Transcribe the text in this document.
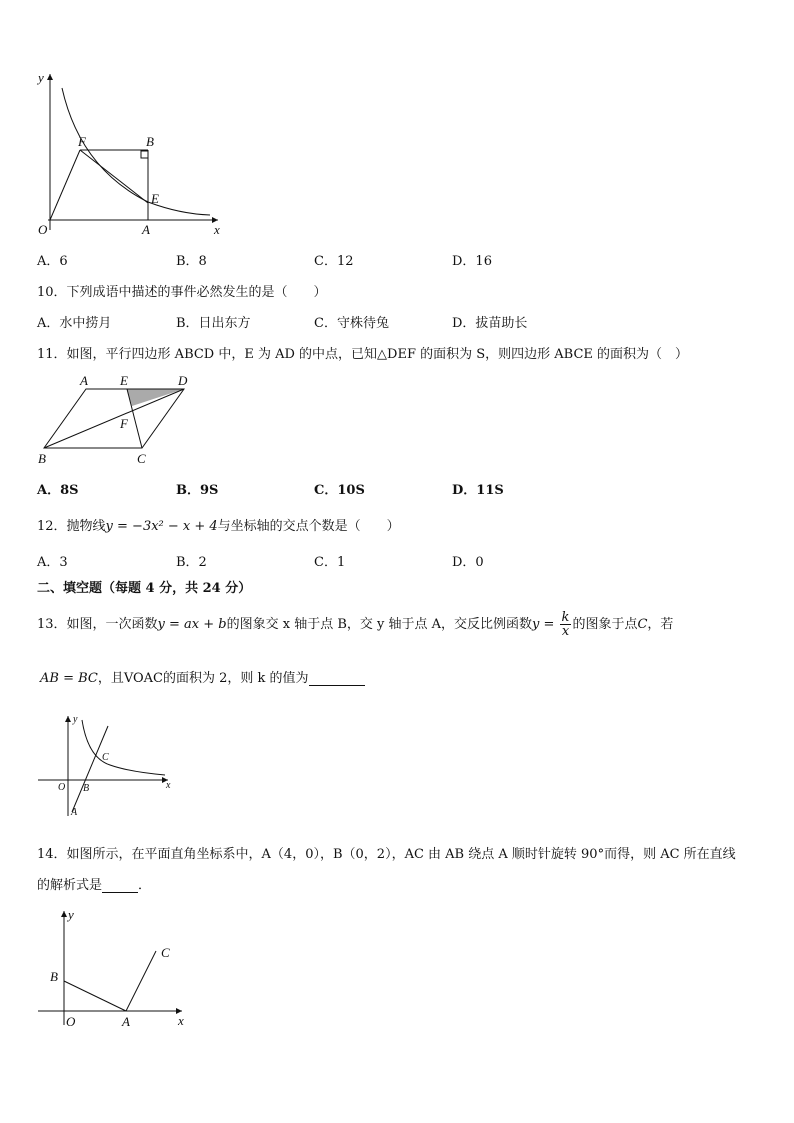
y
x
O	A
B
F
E
A．6	B．8	C．12	D．16
10．下列成语中描述的事件必然发生的是（　　）
A．水中捞月	B．日出东方	C．守株待兔	D．拔苗助长
11．如图，平行四边形 ABCD 中，E 为 AD 的中点，已知△DEF 的面积为 S，则四边形 ABCE 的面积为（　）
A E	D
F
B	C
A．8S	B．9S	C．10S	D．11S
12．抛物线y = −3x² − x + 4与坐标轴的交点个数是（　　）
A．3	B．2	C．1	D．0
二、填空题（每题 4 分，共 24 分）
13．如图，一次函数y = ax + b的图象交 x 轴于点 B，交 y 轴于点 A，交反比例函数$y = \frac{k}{x}$ 的图象于点C，若
AB = BC，且VOAC的面积为 2，则 k 的值为
y
x
O B
A
C
14．如图所示，在平面直角坐标系中，A（4，0），B（0，2），AC 由 AB 绕点 A 顺时针旋转 90°而得，则 AC 所在直线
的解析式是	．
y
x
O	A
B
C
